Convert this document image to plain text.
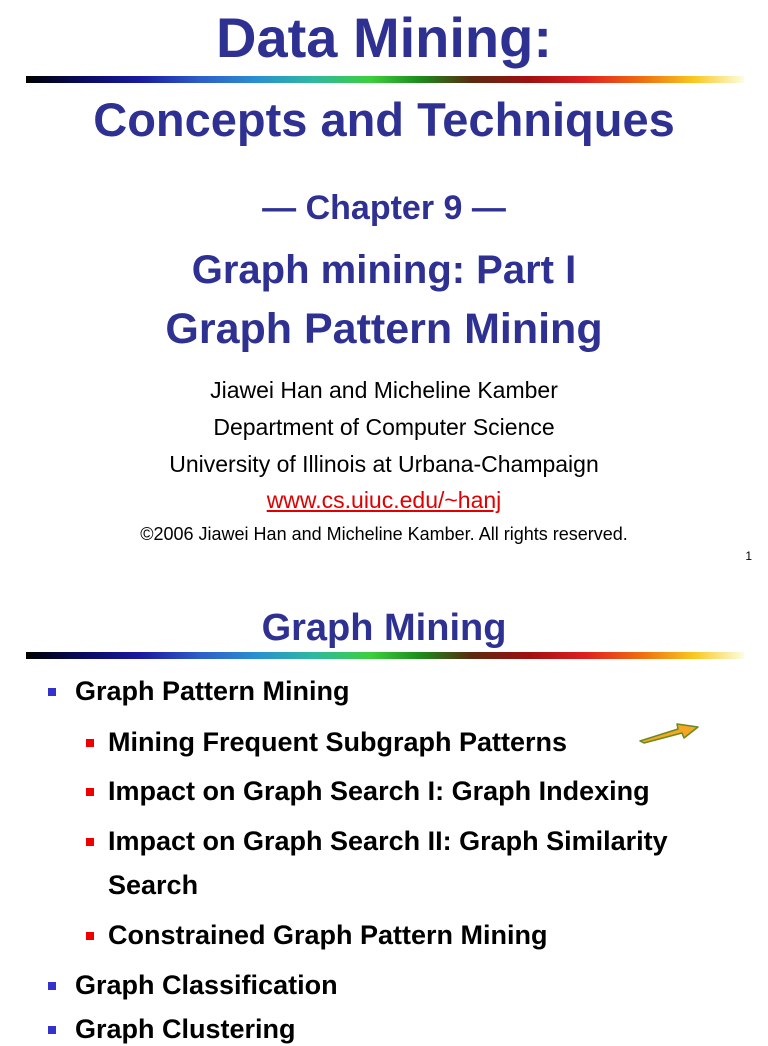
Data Mining:
Concepts and Techniques
— Chapter 9 —
Graph mining: Part I
Graph Pattern Mining
Jiawei Han and Micheline Kamber
Department of Computer Science
University of Illinois at Urbana-Champaign
www.cs.uiuc.edu/~hanj
©2006 Jiawei Han and Micheline Kamber. All rights reserved.
1
Graph Mining
Graph Pattern Mining
Mining Frequent Subgraph Patterns
Impact on Graph Search I: Graph Indexing
Impact on Graph Search II: Graph Similarity
Search
Constrained Graph Pattern Mining
Graph Classification
Graph Clustering
